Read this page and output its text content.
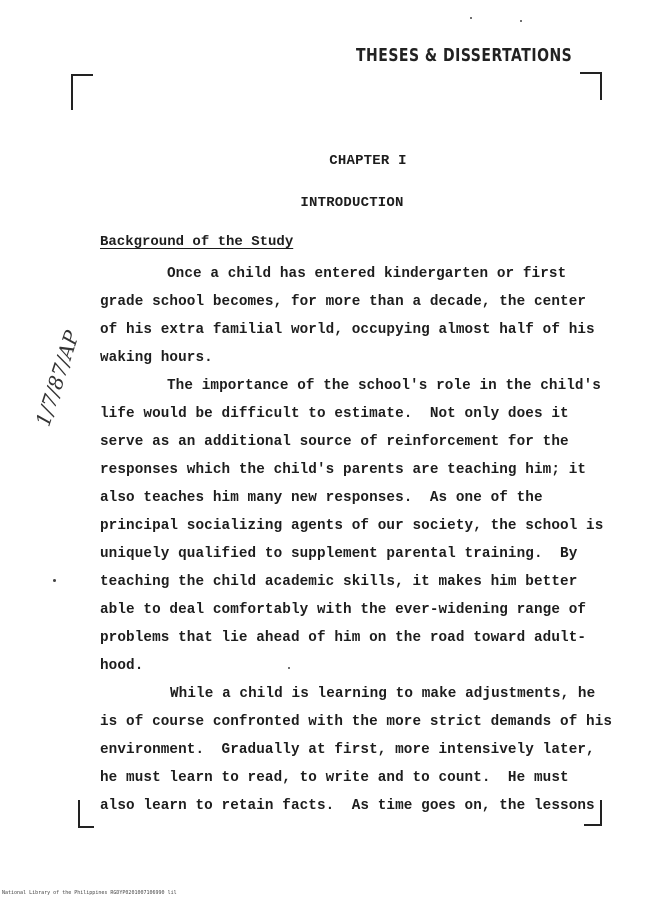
THESES & DISSERTATIONS
CHAPTER I
INTRODUCTION
Background of the Study
1/7/87/AP
Once a child has entered kindergarten or first
grade school becomes, for more than a decade, the center
of his extra familial world, occupying almost half of his
waking hours.
The importance of the school's role in the child's
life would be difficult to estimate.  Not only does it
serve as an additional source of reinforcement for the
responses which the child's parents are teaching him; it
also teaches him many new responses.  As one of the
principal socializing agents of our society, the school is
uniquely qualified to supplement parental training.  By
teaching the child academic skills, it makes him better
able to deal comfortably with the ever-widening range of
problems that lie ahead of him on the road toward adult-
hood.
While a child is learning to make adjustments, he
is of course confronted with the more strict demands of his
environment.  Gradually at first, more intensively later,
he must learn to read, to write and to count.  He must
also learn to retain facts.  As time goes on, the lessons
National Library of the Philippines RGDYP0201007106990 lil
